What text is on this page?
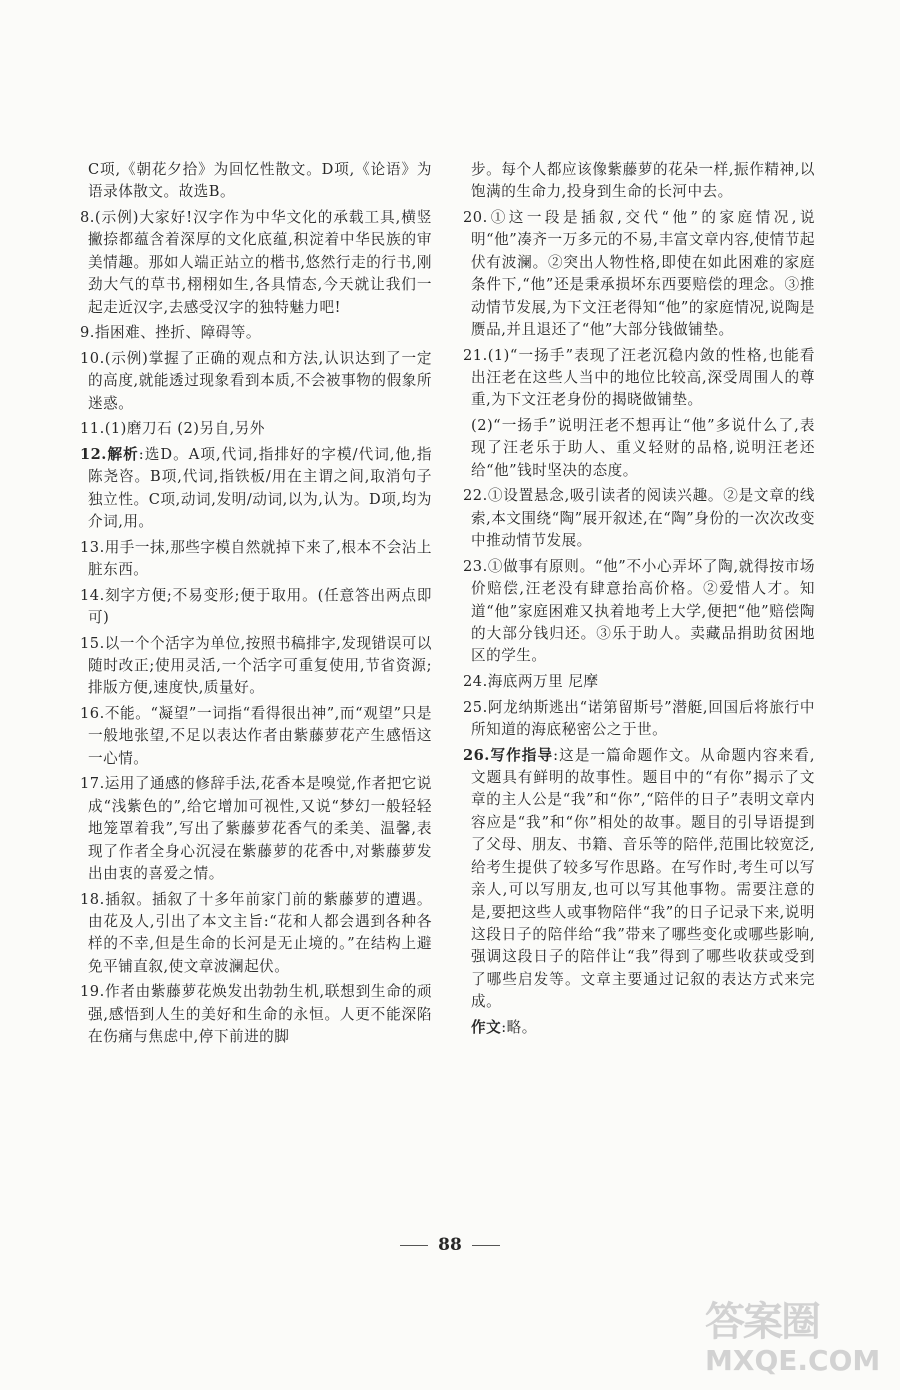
C项,《朝花夕拾》为回忆性散文。D项,《论语》为语录体散文。故选B。

8.(示例)大家好!汉字作为中华文化的承载工具,横竖撇捺都蕴含着深厚的文化底蕴,积淀着中华民族的审美情趣。那如人端正站立的楷书,悠然行走的行书,刚劲大气的草书,栩栩如生,各具情态,今天就让我们一起走近汉字,去感受汉字的独特魅力吧!

9.指困难、挫折、障碍等。

10.(示例)掌握了正确的观点和方法,认识达到了一定的高度,就能透过现象看到本质,不会被事物的假象所迷惑。

11.(1)磨刀石 (2)另自,另外

12.解析:选D。A项,代词,指排好的字模/代词,他,指陈尧咨。B项,代词,指铁板/用在主谓之间,取消句子独立性。C项,动词,发明/动词,以为,认为。D项,均为介词,用。

13.用手一抹,那些字模自然就掉下来了,根本不会沾上脏东西。

14.刻字方便;不易变形;便于取用。(任意答出两点即可)

15.以一个个活字为单位,按照书稿排字,发现错误可以随时改正;使用灵活,一个活字可重复使用,节省资源;排版方便,速度快,质量好。

16.不能。“凝望”一词指“看得很出神”,而“观望”只是一般地张望,不足以表达作者由紫藤萝花产生感悟这一心情。

17.运用了通感的修辞手法,花香本是嗅觉,作者把它说成“浅紫色的”,给它增加可视性,又说“梦幻一般轻轻地笼罩着我”,写出了紫藤萝花香气的柔美、温馨,表现了作者全身心沉浸在紫藤萝的花香中,对紫藤萝发出由衷的喜爱之情。

18.插叙。插叙了十多年前家门前的紫藤萝的遭遇。由花及人,引出了本文主旨:“花和人都会遇到各种各样的不幸,但是生命的长河是无止境的。”在结构上避免平铺直叙,使文章波澜起伏。

19.作者由紫藤萝花焕发出勃勃生机,联想到生命的顽强,感悟到人生的美好和生命的永恒。人更不能深陷在伤痛与焦虑中,停下前进的脚

步。每个人都应该像紫藤萝的花朵一样,振作精神,以饱满的生命力,投身到生命的长河中去。

20.①这一段是插叙,交代“他”的家庭情况,说明“他”凑齐一万多元的不易,丰富文章内容,使情节起伏有波澜。②突出人物性格,即使在如此困难的家庭条件下,“他”还是秉承损坏东西要赔偿的理念。③推动情节发展,为下文汪老得知“他”的家庭情况,说陶是赝品,并且退还了“他”大部分钱做铺垫。

21.(1)“一扬手”表现了汪老沉稳内敛的性格,也能看出汪老在这些人当中的地位比较高,深受周围人的尊重,为下文汪老身份的揭晓做铺垫。

(2)“一扬手”说明汪老不想再让“他”多说什么了,表现了汪老乐于助人、重义轻财的品格,说明汪老还给“他”钱时坚决的态度。

22.①设置悬念,吸引读者的阅读兴趣。②是文章的线索,本文围绕“陶”展开叙述,在“陶”身份的一次次改变中推动情节发展。

23.①做事有原则。“他”不小心弄坏了陶,就得按市场价赔偿,汪老没有肆意抬高价格。②爱惜人才。知道“他”家庭困难又执着地考上大学,便把“他”赔偿陶的大部分钱归还。③乐于助人。卖藏品捐助贫困地区的学生。

24.海底两万里 尼摩

25.阿龙纳斯逃出“诺第留斯号”潜艇,回国后将旅行中所知道的海底秘密公之于世。

26.写作指导:这是一篇命题作文。从命题内容来看,文题具有鲜明的故事性。题目中的“有你”揭示了文章的主人公是“我”和“你”,“陪伴的日子”表明文章内容应是“我”和“你”相处的故事。题目的引导语提到了父母、朋友、书籍、音乐等的陪伴,范围比较宽泛,给考生提供了较多写作思路。在写作时,考生可以写亲人,可以写朋友,也可以写其他事物。需要注意的是,要把这些人或事物陪伴“我”的日子记录下来,说明这段日子的陪伴给“我”带来了哪些变化或哪些影响,强调这段日子的陪伴让“我”得到了哪些收获或受到了哪些启发等。文章主要通过记叙的表达方式来完成。

作文:略。

88
答案圈
MXQE.COM
